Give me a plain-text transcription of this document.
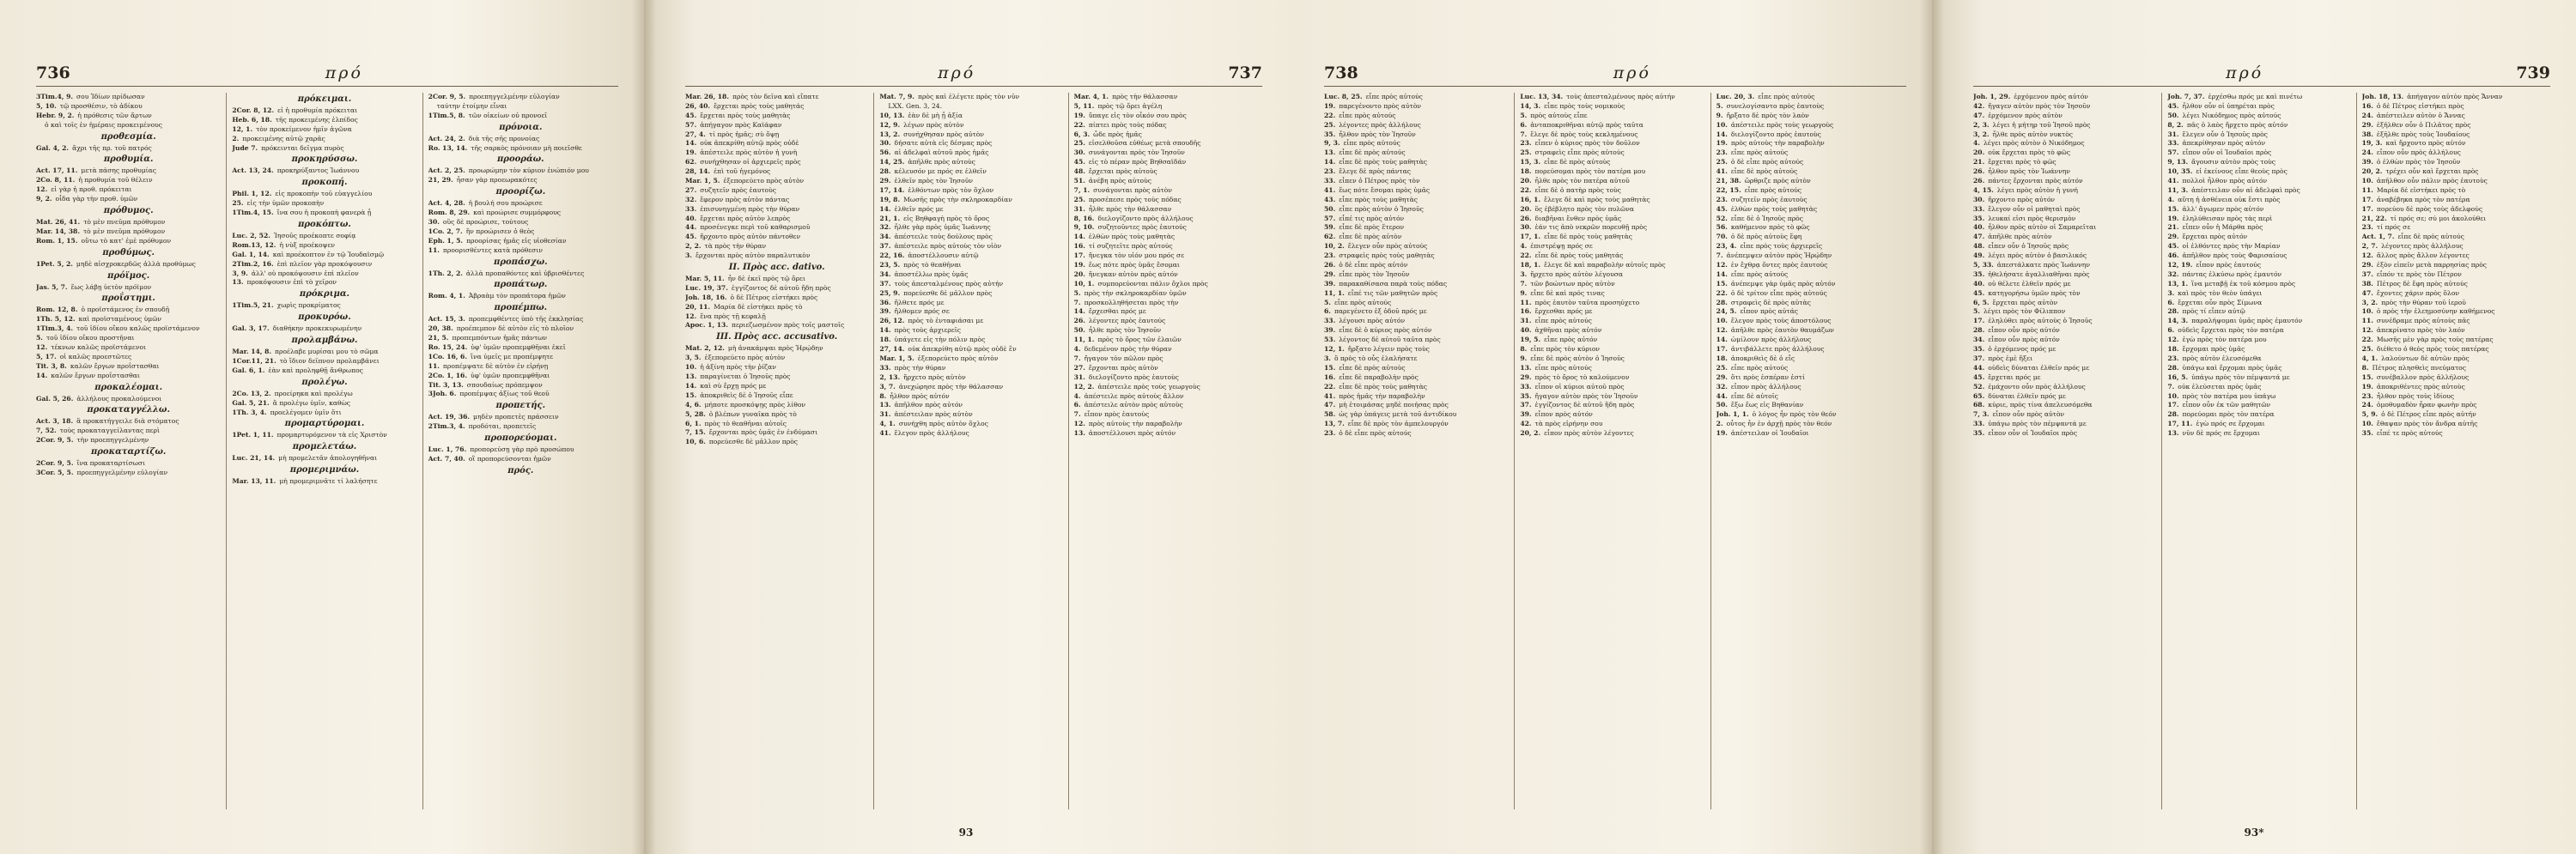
736	πρό
3Tim.4, 9. σου Ἰδίων πρίδωσαν
5, 10. τῷ προσθέσιν, τὸ ἀδίκου
Hebr. 9, 2. ἡ πρόθεσις τῶν ἄρτων
ὁ καὶ τοῖς ἐν ἡμέραις προκειμένους
προθεσμία.
Gal. 4, 2. ἄχρι τῆς πρ. τοῦ πατρός
προθυμία.
Act. 17, 11. μετὰ πάσης προθυμίας
2Co. 8, 11. ἡ προθυμία τοῦ θέλειν
12. εἰ γὰρ ἡ προθ. πρόκειται
9, 2. οἶδα γὰρ τὴν προθ. ὑμῶν
πρόθυμος.
Mat. 26, 41. τὸ μὲν πνεῦμα πρόθυμον
Mar. 14, 38. τὸ μὲν πνεῦμα πρόθυμον
Rom. 1, 15. οὕτω τὸ κατ' ἐμὲ πρόθυμον
προθύμως.
1Pet. 5, 2. μηδὲ αἰσχροκερδῶς ἀλλὰ προθύμως
πρόϊμος.
Jas. 5, 7. ἕως λάβῃ ὑετὸν πρόϊμον
προΐστημι.
Rom. 12, 8. ὁ προϊστάμενος ἐν σπουδῇ
1Th. 5, 12. καὶ προϊσταμένους ὑμῶν
1Tim.3, 4. τοῦ ἰδίου οἴκου καλῶς προϊστάμενον
5. τοῦ ἰδίου οἴκου προστῆναι
12. τέκνων καλῶς προϊστάμενοι
5, 17. οἱ καλῶς προεστῶτες
Tit. 3, 8. καλῶν ἔργων προΐστασθαι
14. καλῶν ἔργων προΐστασθαι
προκαλέομαι.
Gal. 5, 26. ἀλλήλους προκαλούμενοι
προκαταγγέλλω.
Act. 3, 18. ἃ προκατήγγειλε διὰ στόματος
7, 52. τοὺς προκαταγγείλαντας περὶ
2Cor. 9, 5. τὴν προεπηγγελμένην
προκαταρτίζω.
2Cor. 9, 5. ἵνα προκαταρτίσωσι
3Cor. 5, 5. προεπηγγελμένην εὐλογίαν
πρόκειμαι.
2Cor. 8, 12. εἰ ἡ προθυμία πρόκειται
Heb. 6, 18. τῆς προκειμένης ἐλπίδος
12, 1. τὸν προκείμενον ἡμῖν ἀγῶνα
2. προκειμένης αὐτῷ χαρᾶς
Jude 7. πρόκεινται δεῖγμα πυρὸς
προκηρύσσω.
Act. 13, 24. προκηρύξαντος Ἰωάννου
προκοπή.
Phil. 1, 12. εἰς προκοπὴν τοῦ εὐαγγελίου
25. εἰς τὴν ὑμῶν προκοπὴν
1Tim.4, 15. ἵνα σου ἡ προκοπὴ φανερὰ ᾖ
προκόπτω.
Luc. 2, 52. Ἰησοῦς προέκοπτε σοφίᾳ
Rom.13, 12. ἡ νὺξ προέκοψεν
Gal. 1, 14. καὶ προέκοπτον ἐν τῷ Ἰουδαϊσμῷ
2Tim.2, 16. ἐπὶ πλεῖον γὰρ προκόψουσιν
3, 9. ἀλλ' οὐ προκόψουσιν ἐπὶ πλεῖον
13. προκόψουσιν ἐπὶ τὸ χεῖρον
πρόκριμα.
1Tim.5, 21. χωρὶς προκρίματος
προκυρόω.
Gal. 3, 17. διαθήκην προκεκυρωμένην
προλαμβάνω.
Mar. 14, 8. προέλαβε μυρίσαι μου τὸ σῶμα
1Cor.11, 21. τὸ ἴδιον δεῖπνον προλαμβάνει
Gal. 6, 1. ἐὰν καὶ προληφθῇ ἄνθρωπος
προλέγω.
2Co. 13, 2. προείρηκα καὶ προλέγω
Gal. 5, 21. ἃ προλέγω ὑμῖν, καθὼς
1Th. 3, 4. προελέγομεν ὑμῖν ὅτι
προμαρτύρομαι.
1Pet. 1, 11. προμαρτυρόμενον τὰ εἰς Χριστὸν
προμελετάω.
Luc. 21, 14. μὴ προμελετᾶν ἀπολογηθῆναι
προμεριμνάω.
Mar. 13, 11. μὴ προμεριμνᾶτε τί λαλήσητε
2Cor. 9, 5. προεπηγγελμένην εὐλογίαν
ταύτην ἑτοίμην εἶναι
1Tim.5, 8. τῶν οἰκείων οὐ προνοεῖ
πρόνοια.
Act. 24, 2. διὰ τῆς σῆς προνοίας
Ro. 13, 14. τῆς σαρκὸς πρόνοιαν μὴ ποιεῖσθε
προοράω.
Act. 2, 25. προωρώμην τὸν κύριον ἐνώπιόν μου
21, 29. ἦσαν γὰρ προεωρακότες
προορίζω.
Act. 4, 28. ἡ βουλή σου προώρισε
Rom. 8, 29. καὶ προώρισε συμμόρφους
30. οὓς δὲ προώρισε, τούτους
1Co. 2, 7. ἣν προώρισεν ὁ θεὸς
Eph. 1, 5. προορίσας ἡμᾶς εἰς υἱοθεσίαν
11. προορισθέντες κατὰ πρόθεσιν
προπάσχω.
1Th. 2, 2. ἀλλὰ προπαθόντες καὶ ὑβρισθέντες
προπάτωρ.
Rom. 4, 1. Ἀβραὰμ τὸν προπάτορα ἡμῶν
προπέμπω.
Act. 15, 3. προπεμφθέντες ὑπὸ τῆς ἐκκλησίας
20, 38. προέπεμπον δὲ αὐτὸν εἰς τὸ πλοῖον
21, 5. προπεμπόντων ἡμᾶς πάντων
Ro. 15, 24. ὑφ' ὑμῶν προπεμφθῆναι ἐκεῖ
1Co. 16, 6. ἵνα ὑμεῖς με προπέμψητε
11. προπέμψατε δὲ αὐτὸν ἐν εἰρήνῃ
2Co. 1, 16. ὑφ' ὑμῶν προπεμφθῆναι
Tit. 3, 13. σπουδαίως πρόπεμψον
3Joh. 6. προπέμψας ἀξίως τοῦ θεοῦ
προπετής.
Act. 19, 36. μηδὲν προπετὲς πράσσειν
2Tim.3, 4. προδόται, προπετεῖς
προπορεύομαι.
Luc. 1, 76. προπορεύσῃ γὰρ πρὸ προσώπου
Act. 7, 40. οἳ προπορεύσονται ἡμῶν
πρός.
πρό	737
Mar. 26, 18. πρὸς τὸν δεῖνα καὶ εἴπατε
26, 40. ἔρχεται πρὸς τοὺς μαθητάς
45. ἔρχεται πρὸς τοὺς μαθητὰς
57. ἀπήγαγον πρὸς Καϊάφαν
27, 4. τί πρὸς ἡμᾶς; σὺ ὄψῃ
14. οὐκ ἀπεκρίθη αὐτῷ πρὸς οὐδὲ
19. ἀπέστειλε πρὸς αὐτὸν ἡ γυνὴ
62. συνήχθησαν οἱ ἀρχιερεῖς πρὸς
28, 14. ἐπὶ τοῦ ἡγεμόνος
Mar. 1, 5. ἐξεπορεύετο πρὸς αὐτὸν
27. συζητεῖν πρὸς ἑαυτοὺς
32. ἔφερον πρὸς αὐτὸν πάντας
33. ἐπισυνηγμένη πρὸς τὴν θύραν
40. ἔρχεται πρὸς αὐτὸν λεπρὸς
44. προσένεγκε περὶ τοῦ καθαρισμοῦ
45. ἤρχοντο πρὸς αὐτὸν πάντοθεν
2, 2. τὰ πρὸς τὴν θύραν
3. ἔρχονται πρὸς αὐτὸν παραλυτικὸν
II. Πρὸς acc. dativo.
Mar. 5, 11. ἦν δὲ ἐκεῖ πρὸς τῷ ὄρει
Luc. 19, 37. ἐγγίζοντος δὲ αὐτοῦ ἤδη πρὸς
Joh. 18, 16. ὁ δὲ Πέτρος εἱστήκει πρὸς
20, 11. Μαρία δὲ εἱστήκει πρὸς τὸ
12. ἕνα πρὸς τῇ κεφαλῇ
Apoc. 1, 13. περιεζωσμένον πρὸς τοῖς μαστοῖς
III. Πρὸς acc. accusativo.
Mat. 2, 12. μὴ ἀνακάμψαι πρὸς Ἡρῴδην
3, 5. ἐξεπορεύετο πρὸς αὐτὸν
10. ἡ ἀξίνη πρὸς τὴν ῥίζαν
13. παραγίνεται ὁ Ἰησοῦς πρὸς
14. καὶ σὺ ἔρχῃ πρός με
15. ἀποκριθεὶς δὲ ὁ Ἰησοῦς εἶπε
4, 6. μήποτε προσκόψῃς πρὸς λίθον
5, 28. ὁ βλέπων γυναῖκα πρὸς τὸ
6, 1. πρὸς τὸ θεαθῆναι αὐτοῖς
7, 15. ἔρχονται πρὸς ὑμᾶς ἐν ἐνδύμασι
10, 6. πορεύεσθε δὲ μᾶλλον πρὸς
Mat. 7, 9. πρὸς καὶ ἐλέγετε πρὸς τὸν νῦν
LXX. Gen. 3, 24.
10, 13. ἐὰν δὲ μὴ ᾖ ἀξία
12, 9. λέγων πρὸς αὐτὸν
13, 2. συνήχθησαν πρὸς αὐτὸν
30. δήσατε αὐτὰ εἰς δέσμας πρὸς
56. αἱ ἀδελφαὶ αὐτοῦ πρὸς ἡμᾶς
14, 25. ἀπῆλθε πρὸς αὐτοὺς
28. κέλευσόν με πρός σε ἐλθεῖν
29. ἐλθεῖν πρὸς τὸν Ἰησοῦν
17, 14. ἐλθόντων πρὸς τὸν ὄχλον
19, 8. Μωσῆς πρὸς τὴν σκληροκαρδίαν
14. ἐλθεῖν πρός με
21, 1. εἰς Βηθφαγὴ πρὸς τὸ ὄρος
32. ἦλθε γὰρ πρὸς ὑμᾶς Ἰωάννης
34. ἀπέστειλε τοὺς δούλους πρὸς
37. ἀπέστειλε πρὸς αὐτοὺς τὸν υἱὸν
22, 16. ἀποστέλλουσιν αὐτῷ
23, 5. πρὸς τὸ θεαθῆναι
34. ἀποστέλλω πρὸς ὑμᾶς
37. τοὺς ἀπεσταλμένους πρὸς αὐτήν
25, 9. πορεύεσθε δὲ μᾶλλον πρὸς
36. ἤλθετε πρός με
39. ἤλθομεν πρός σε
26, 12. πρὸς τὸ ἐνταφιάσαι με
14. πρὸς τοὺς ἀρχιερεῖς
18. ὑπάγετε εἰς τὴν πόλιν πρὸς
27, 14. οὐκ ἀπεκρίθη αὐτῷ πρὸς οὐδὲ ἓν
Mar. 1, 5. ἐξεπορεύετο πρὸς αὐτὸν
33. πρὸς τὴν θύραν
2, 13. ἤρχετο πρὸς αὐτὸν
3, 7. ἀνεχώρησε πρὸς τὴν θάλασσαν
8. ἦλθον πρὸς αὐτόν
13. ἀπῆλθον πρὸς αὐτόν
31. ἀπέστειλαν πρὸς αὐτὸν
4, 1. συνήχθη πρὸς αὐτὸν ὄχλος
41. ἔλεγον πρὸς ἀλλήλους
Mar. 4, 1. πρὸς τὴν θάλασσαν
5, 11. πρὸς τῷ ὄρει ἀγέλη
19. ὕπαγε εἰς τὸν οἶκόν σου πρὸς
22. πίπτει πρὸς τοὺς πόδας
6, 3. ὧδε πρὸς ἡμᾶς
25. εἰσελθοῦσα εὐθέως μετὰ σπουδῆς
30. συνάγονται πρὸς τὸν Ἰησοῦν
45. εἰς τὸ πέραν πρὸς Βηθσαϊδάν
48. ἔρχεται πρὸς αὐτοὺς
51. ἀνέβη πρὸς αὐτοὺς
7, 1. συνάγονται πρὸς αὐτὸν
25. προσέπεσε πρὸς τοὺς πόδας
31. ἦλθε πρὸς τὴν θάλασσαν
8, 16. διελογίζοντο πρὸς ἀλλήλους
9, 10. συζητοῦντες πρὸς ἑαυτούς
14. ἐλθὼν πρὸς τοὺς μαθητὰς
16. τί συζητεῖτε πρὸς αὐτούς
17. ἤνεγκα τὸν υἱόν μου πρός σε
19. ἕως πότε πρὸς ὑμᾶς ἔσομαι
20. ἤνεγκαν αὐτὸν πρὸς αὐτόν
10, 1. συμπορεύονται πάλιν ὄχλοι πρὸς
5. πρὸς τὴν σκληροκαρδίαν ὑμῶν
7. προσκολληθήσεται πρὸς τὴν
14. ἔρχεσθαι πρός με
26. λέγοντες πρὸς ἑαυτούς
50. ἦλθε πρὸς τὸν Ἰησοῦν
11, 1. πρὸς τὸ ὄρος τῶν ἐλαιῶν
4. δεδεμένον πρὸς τὴν θύραν
7. ἤγαγον τὸν πῶλον πρὸς
27. ἔρχονται πρὸς αὐτὸν
31. διελογίζοντο πρὸς ἑαυτοὺς
12, 2. ἀπέστειλε πρὸς τοὺς γεωργοὺς
4. ἀπέστειλε πρὸς αὐτοὺς ἄλλον
6. ἀπέστειλε αὐτὸν πρὸς αὐτοὺς
7. εἶπον πρὸς ἑαυτοὺς
12. πρὸς αὐτοὺς τὴν παραβολὴν
13. ἀποστέλλουσι πρὸς αὐτόν
93
738	πρό
Luc. 8, 25. εἶπε πρὸς αὐτούς
19. παρεγένοντο πρὸς αὐτὸν
22. εἶπε πρὸς αὐτούς
25. λέγοντες πρὸς ἀλλήλους
35. ἦλθον πρὸς τὸν Ἰησοῦν
9, 3. εἶπε πρὸς αὐτούς
13. εἶπε δὲ πρὸς αὐτούς
14. εἶπε δὲ πρὸς τοὺς μαθητὰς
23. ἔλεγε δὲ πρὸς πάντας
33. εἶπεν ὁ Πέτρος πρὸς τὸν
41. ἕως πότε ἔσομαι πρὸς ὑμᾶς
43. εἶπε πρὸς τοὺς μαθητὰς
50. εἶπε πρὸς αὐτὸν ὁ Ἰησοῦς
57. εἶπέ τις πρὸς αὐτόν
59. εἶπε δὲ πρὸς ἕτερον
62. εἶπε δὲ πρὸς αὐτὸν
10, 2. ἔλεγεν οὖν πρὸς αὐτούς
23. στραφεὶς πρὸς τοὺς μαθητὰς
26. ὁ δὲ εἶπε πρὸς αὐτόν
29. εἶπε πρὸς τὸν Ἰησοῦν
39. παρακαθίσασα παρὰ τοὺς πόδας
11, 1. εἶπέ τις τῶν μαθητῶν πρὸς
5. εἶπε πρὸς αὐτούς
6. παρεγένετο ἐξ ὁδοῦ πρός με
33. λέγουσι πρὸς αὐτόν
39. εἶπε δὲ ὁ κύριος πρὸς αὐτόν
53. λέγοντος δὲ αὐτοῦ ταῦτα πρὸς
12, 1. ἤρξατο λέγειν πρὸς τοὺς
3. ὃ πρὸς τὸ οὖς ἐλαλήσατε
15. εἶπε δὲ πρὸς αὐτοὺς
16. εἶπε δὲ παραβολὴν πρὸς
22. εἶπε δὲ πρὸς τοὺς μαθητὰς
41. πρὸς ἡμᾶς τὴν παραβολὴν
47. μὴ ἑτοιμάσας μηδὲ ποιήσας πρὸς
58. ὡς γὰρ ὑπάγεις μετὰ τοῦ ἀντιδίκου
13, 7. εἶπε δὲ πρὸς τὸν ἀμπελουργόν
23. ὁ δὲ εἶπε πρὸς αὐτούς
Luc. 13, 34. τοὺς ἀπεσταλμένους πρὸς αὐτήν
14, 3. εἶπε πρὸς τοὺς νομικοὺς
5. πρὸς αὐτοὺς εἶπε
6. ἀνταποκριθῆναι αὐτῷ πρὸς ταῦτα
7. ἔλεγε δὲ πρὸς τοὺς κεκλημένους
23. εἶπεν ὁ κύριος πρὸς τὸν δοῦλον
25. στραφεὶς εἶπε πρὸς αὐτούς
15, 3. εἶπε δὲ πρὸς αὐτοὺς
18. πορεύσομαι πρὸς τὸν πατέρα μου
20. ἦλθε πρὸς τὸν πατέρα αὐτοῦ
22. εἶπε δὲ ὁ πατὴρ πρὸς τοὺς
16, 1. ἔλεγε δὲ καὶ πρὸς τοὺς μαθητὰς
20. ὃς ἐβέβλητο πρὸς τὸν πυλῶνα
26. διαβῆναι ἔνθεν πρὸς ὑμᾶς
30. ἐάν τις ἀπὸ νεκρῶν πορευθῇ πρὸς
17, 1. εἶπε δὲ πρὸς τοὺς μαθητὰς
4. ἐπιστρέψῃ πρός σε
22. εἶπε δὲ πρὸς τοὺς μαθητάς
18, 1. ἔλεγε δὲ καὶ παραβολὴν αὐτοῖς πρὸς
3. ἤρχετο πρὸς αὐτὸν λέγουσα
7. τῶν βοώντων πρὸς αὐτὸν
9. εἶπε δὲ καὶ πρός τινας
11. πρὸς ἑαυτὸν ταῦτα προσηύχετο
16. ἔρχεσθαι πρός με
31. εἶπε πρὸς αὐτούς
40. ἀχθῆναι πρὸς αὐτόν
19, 5. εἶπε πρὸς αὐτόν
8. εἶπε πρὸς τὸν κύριον
9. εἶπε δὲ πρὸς αὐτὸν ὁ Ἰησοῦς
13. εἶπε πρὸς αὐτούς
29. πρὸς τὸ ὄρος τὸ καλούμενον
33. εἶπον οἱ κύριοι αὐτοῦ πρὸς
35. ἤγαγον αὐτὸν πρὸς τὸν Ἰησοῦν
37. ἐγγίζοντος δὲ αὐτοῦ ἤδη πρὸς
39. εἶπον πρὸς αὐτόν
42. τὰ πρὸς εἰρήνην σου
20, 2. εἶπον πρὸς αὐτὸν λέγοντες
Luc. 20, 3. εἶπε πρὸς αὐτούς
5. συνελογίσαντο πρὸς ἑαυτοὺς
9. ἤρξατο δὲ πρὸς τὸν λαὸν
10. ἀπέστειλε πρὸς τοὺς γεωργοὺς
14. διελογίζοντο πρὸς ἑαυτοὺς
19. πρὸς αὐτοὺς τὴν παραβολὴν
23. εἶπε πρὸς αὐτούς
25. ὁ δὲ εἶπε πρὸς αὐτούς
41. εἶπε δὲ πρὸς αὐτούς
21, 38. ὤρθριζε πρὸς αὐτὸν
22, 15. εἶπε πρὸς αὐτούς
23. συζητεῖν πρὸς ἑαυτοὺς
45. ἐλθὼν πρὸς τοὺς μαθητὰς
52. εἶπε δὲ ὁ Ἰησοῦς πρὸς
56. καθήμενον πρὸς τὸ φῶς
70. ὁ δὲ πρὸς αὐτοὺς ἔφη
23, 4. εἶπε πρὸς τοὺς ἀρχιερεῖς
7. ἀνέπεμψεν αὐτὸν πρὸς Ἡρῴδην
12. ἐν ἔχθρᾳ ὄντες πρὸς ἑαυτούς
14. εἶπε πρὸς αὐτούς
15. ἀνέπεμψε γὰρ ὑμᾶς πρὸς αὐτόν
22. ὁ δὲ τρίτον εἶπε πρὸς αὐτούς
28. στραφεὶς δὲ πρὸς αὐτὰς
24, 5. εἶπον πρὸς αὐτάς
10. ἔλεγον πρὸς τοὺς ἀποστόλους
12. ἀπῆλθε πρὸς ἑαυτὸν θαυμάζων
14. ὡμίλουν πρὸς ἀλλήλους
17. ἀντιβάλλετε πρὸς ἀλλήλους
18. ἀποκριθεὶς δὲ ὁ εἷς
25. εἶπε πρὸς αὐτούς
29. ὅτι πρὸς ἑσπέραν ἐστί
32. εἶπον πρὸς ἀλλήλους
44. εἶπε δὲ αὐτοῖς
50. ἔξω ἕως εἰς Βηθανίαν
Joh. 1, 1. ὁ λόγος ἦν πρὸς τὸν θεόν
2. οὗτος ἦν ἐν ἀρχῇ πρὸς τὸν θεόν
19. ἀπέστειλαν οἱ Ἰουδαῖοι
πρό	739
Joh. 1, 29. ἐρχόμενον πρὸς αὐτόν
42. ἤγαγεν αὐτὸν πρὸς τὸν Ἰησοῦν
47. ἐρχόμενον πρὸς αὐτὸν
2, 3. λέγει ἡ μήτηρ τοῦ Ἰησοῦ πρὸς
3, 2. ἦλθε πρὸς αὐτὸν νυκτὸς
4. λέγει πρὸς αὐτὸν ὁ Νικόδημος
20. οὐκ ἔρχεται πρὸς τὸ φῶς
21. ἔρχεται πρὸς τὸ φῶς
26. ἦλθον πρὸς τὸν Ἰωάννην
26. πάντες ἔρχονται πρὸς αὐτόν
4, 15. λέγει πρὸς αὐτὸν ἡ γυνή
30. ἤρχοντο πρὸς αὐτόν
33. ἔλεγον οὖν οἱ μαθηταὶ πρὸς
35. λευκαί εἰσι πρὸς θερισμὸν
40. ἦλθον πρὸς αὐτὸν οἱ Σαμαρεῖται
47. ἀπῆλθε πρὸς αὐτὸν
48. εἶπεν οὖν ὁ Ἰησοῦς πρὸς
49. λέγει πρὸς αὐτὸν ὁ βασιλικός
5, 33. ἀπεστάλκατε πρὸς Ἰωάννην
35. ἠθελήσατε ἀγαλλιαθῆναι πρὸς
40. οὐ θέλετε ἐλθεῖν πρός με
45. κατηγορήσω ὑμῶν πρὸς τὸν
6, 5. ἔρχεται πρὸς αὐτὸν
5. λέγει πρὸς τὸν Φίλιππον
17. ἐληλύθει πρὸς αὐτοὺς ὁ Ἰησοῦς
28. εἶπον οὖν πρὸς αὐτόν
34. εἶπον οὖν πρὸς αὐτόν
35. ὁ ἐρχόμενος πρός με
37. πρὸς ἐμὲ ἥξει
44. οὐδεὶς δύναται ἐλθεῖν πρός με
45. ἔρχεται πρός με
52. ἐμάχοντο οὖν πρὸς ἀλλήλους
65. δύναται ἐλθεῖν πρός με
68. κύριε, πρὸς τίνα ἀπελευσόμεθα
7, 3. εἶπον οὖν πρὸς αὐτὸν
33. ὑπάγω πρὸς τὸν πέμψαντά με
35. εἶπον οὖν οἱ Ἰουδαῖοι πρὸς
Joh. 7, 37. ἐρχέσθω πρός με καὶ πινέτω
45. ἦλθον οὖν οἱ ὑπηρέται πρὸς
50. λέγει Νικόδημος πρὸς αὐτούς
8, 2. πᾶς ὁ λαὸς ἤρχετο πρὸς αὐτόν
31. ἔλεγεν οὖν ὁ Ἰησοῦς πρὸς
33. ἀπεκρίθησαν πρὸς αὐτόν
57. εἶπον οὖν οἱ Ἰουδαῖοι πρὸς
9, 13. ἄγουσιν αὐτὸν πρὸς τοὺς
10, 35. εἰ ἐκείνους εἶπε θεοὺς πρὸς
41. πολλοὶ ἦλθον πρὸς αὐτόν
11, 3. ἀπέστειλαν οὖν αἱ ἀδελφαὶ πρὸς
4. αὕτη ἡ ἀσθένεια οὐκ ἔστι πρὸς
15. ἀλλ' ἄγωμεν πρὸς αὐτόν
19. ἐληλύθεισαν πρὸς τὰς περὶ
21. εἶπεν οὖν ἡ Μάρθα πρὸς
29. ἔρχεται πρὸς αὐτόν
45. οἱ ἐλθόντες πρὸς τὴν Μαρίαν
46. ἀπῆλθον πρὸς τοὺς Φαρισαίους
12, 19. εἶπον πρὸς ἑαυτούς
32. πάντας ἑλκύσω πρὸς ἐμαυτόν
13, 1. ἵνα μεταβῇ ἐκ τοῦ κόσμου πρὸς
3. καὶ πρὸς τὸν θεὸν ὑπάγει
6. ἔρχεται οὖν πρὸς Σίμωνα
28. πρὸς τί εἶπεν αὐτῷ
14, 3. παραλήψομαι ὑμᾶς πρὸς ἐμαυτόν
6. οὐδεὶς ἔρχεται πρὸς τὸν πατέρα
12. ἐγὼ πρὸς τὸν πατέρα μου
18. ἔρχομαι πρὸς ὑμᾶς
23. πρὸς αὐτὸν ἐλευσόμεθα
28. ὑπάγω καὶ ἔρχομαι πρὸς ὑμᾶς
16, 5. ὑπάγω πρὸς τὸν πέμψαντά με
7. οὐκ ἐλεύσεται πρὸς ὑμᾶς
10. πρὸς τὸν πατέρα μου ὑπάγω
17. εἶπον οὖν ἐκ τῶν μαθητῶν
28. πορεύομαι πρὸς τὸν πατέρα
17, 11. ἐγὼ πρός σε ἔρχομαι
13. νῦν δὲ πρός σε ἔρχομαι
Joh. 18, 13. ἀπήγαγον αὐτὸν πρὸς Ἄνναν
16. ὁ δὲ Πέτρος εἱστήκει πρὸς
24. ἀπέστειλεν αὐτὸν ὁ Ἄννας
29. ἐξῆλθεν οὖν ὁ Πιλᾶτος πρὸς
38. ἐξῆλθε πρὸς τοὺς Ἰουδαίους
19, 3. καὶ ἤρχοντο πρὸς αὐτόν
24. εἶπον οὖν πρὸς ἀλλήλους
39. ὁ ἐλθὼν πρὸς τὸν Ἰησοῦν
20, 2. τρέχει οὖν καὶ ἔρχεται πρὸς
10. ἀπῆλθον οὖν πάλιν πρὸς ἑαυτοὺς
11. Μαρία δὲ εἱστήκει πρὸς τὸ
17. ἀναβέβηκα πρὸς τὸν πατέρα
17. πορεύου δὲ πρὸς τοὺς ἀδελφούς
21, 22. τί πρός σε; σύ μοι ἀκολούθει
23. τί πρός σε
Act. 1, 7. εἶπε δὲ πρὸς αὐτούς
2, 7. λέγοντες πρὸς ἀλλήλους
12. ἄλλος πρὸς ἄλλον λέγοντες
29. ἐξὸν εἰπεῖν μετὰ παρρησίας πρὸς
37. εἶπόν τε πρὸς τὸν Πέτρον
38. Πέτρος δὲ ἔφη πρὸς αὐτούς
47. ἔχοντες χάριν πρὸς ὅλον
3, 2. πρὸς τὴν θύραν τοῦ ἱεροῦ
10. ὁ πρὸς τὴν ἐλεημοσύνην καθήμενος
11. συνέδραμε πρὸς αὐτοὺς πᾶς
12. ἀπεκρίνατο πρὸς τὸν λαόν
22. Μωσῆς μὲν γὰρ πρὸς τοὺς πατέρας
25. διέθετο ὁ θεὸς πρὸς τοὺς πατέρας
4, 1. λαλούντων δὲ αὐτῶν πρὸς
8. Πέτρος πλησθεὶς πνεύματος
15. συνέβαλλον πρὸς ἀλλήλους
19. ἀποκριθέντες πρὸς αὐτοὺς
23. ἦλθον πρὸς τοὺς ἰδίους
24. ὁμοθυμαδὸν ἦραν φωνὴν πρὸς
5, 9. ὁ δὲ Πέτρος εἶπε πρὸς αὐτήν
10. ἔθαψαν πρὸς τὸν ἄνδρα αὐτῆς
35. εἶπέ τε πρὸς αὐτούς
93*
